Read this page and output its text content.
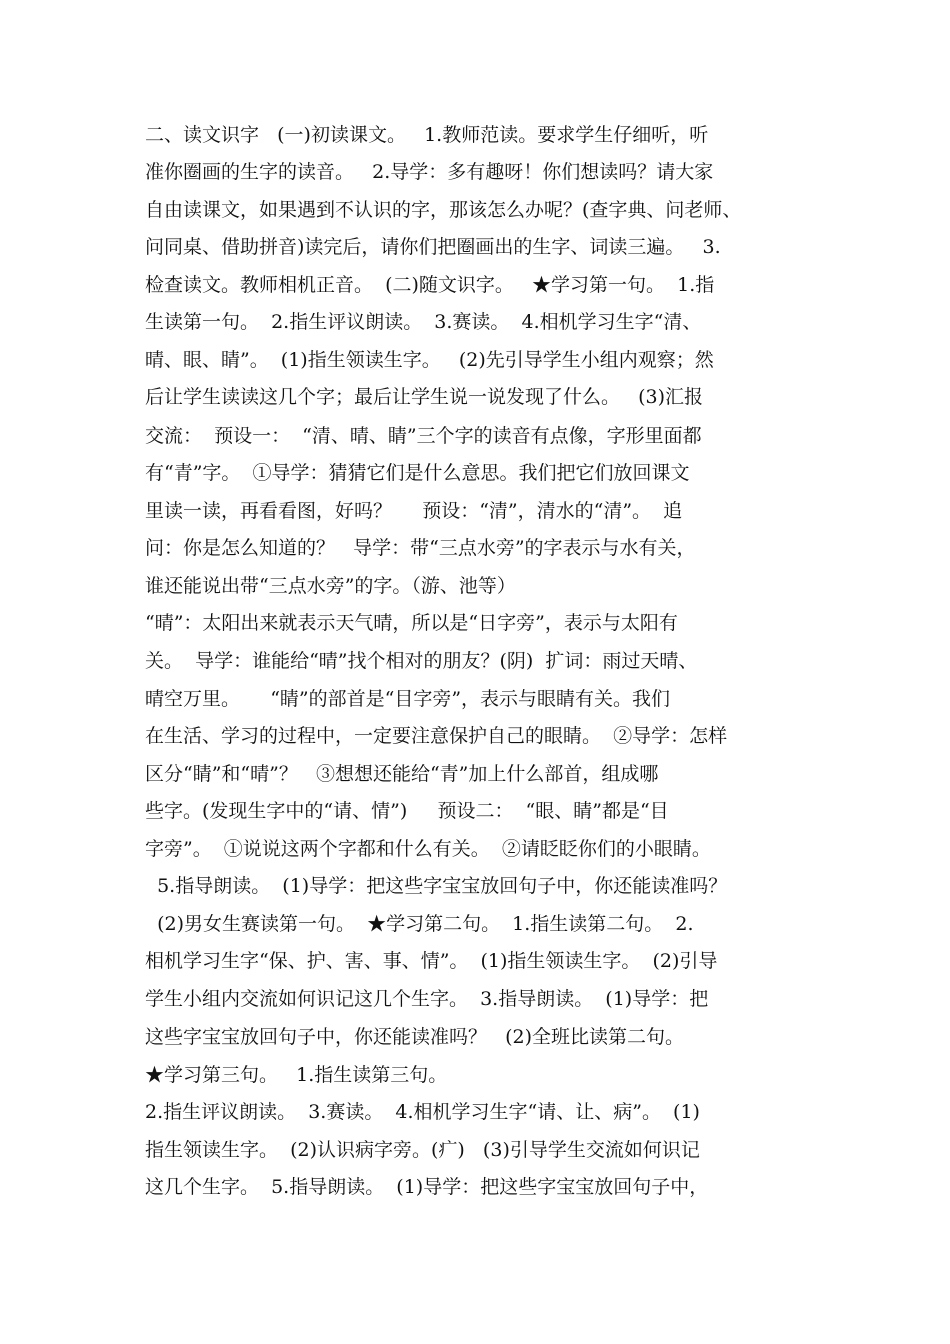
二、读文识字   (一)初读课文。   1.教师范读。要求学生仔细听，听
准你圈画的生字的读音。   2.导学：多有趣呀！你们想读吗？请大家
自由读课文，如果遇到不认识的字，那该怎么办呢？(查字典、问老师、
问同桌、借助拼音)读完后，请你们把圈画出的生字、词读三遍。   3.
检查读文。教师相机正音。  (二)随文识字。   ★学习第一句。  1.指
生读第一句。  2.指生评议朗读。  3.赛读。  4.相机学习生字“清、
晴、眼、睛”。  (1)指生领读生字。   (2)先引导学生小组内观察；然
后让学生读读这几个字；最后让学生说一说发现了什么。   (3)汇报
交流：  预设一：  “清、晴、睛”三个字的读音有点像，字形里面都
有“青”字。  ①导学：猜猜它们是什么意思。我们把它们放回课文
里读一读，再看看图，好吗？     预设：“清”，清水的“清”。  追
问：你是怎么知道的？   导学：带“三点水旁”的字表示与水有关，
谁还能说出带“三点水旁”的字。（游、池等）
“晴”：太阳出来就表示天气晴，所以是“日字旁”，表示与太阳有
关。  导学：谁能给“晴”找个相对的朋友？(阴)  扩词：雨过天晴、
晴空万里。     “睛”的部首是“目字旁”，表示与眼睛有关。我们
在生活、学习的过程中，一定要注意保护自己的眼睛。  ②导学：怎样
区分“睛”和“晴”？   ③想想还能给“青”加上什么部首，组成哪
些字。(发现生字中的“请、情”)     预设二：  “眼、睛”都是“目
字旁”。  ①说说这两个字都和什么有关。  ②请眨眨你们的小眼睛。
5.指导朗读。  (1)导学：把这些字宝宝放回句子中，你还能读准吗？
(2)男女生赛读第一句。  ★学习第二句。  1.指生读第二句。  2.
相机学习生字“保、护、害、事、情”。  (1)指生领读生字。  (2)引导
学生小组内交流如何识记这几个生字。  3.指导朗读。  (1)导学：把
这些字宝宝放回句子中，你还能读准吗？   (2)全班比读第二句。
★学习第三句。   1.指生读第三句。
2.指生评议朗读。  3.赛读。  4.相机学习生字“请、让、病”。  (1)
指生领读生字。  (2)认识病字旁。(疒)   (3)引导学生交流如何识记
这几个生字。  5.指导朗读。  (1)导学：把这些字宝宝放回句子中，
